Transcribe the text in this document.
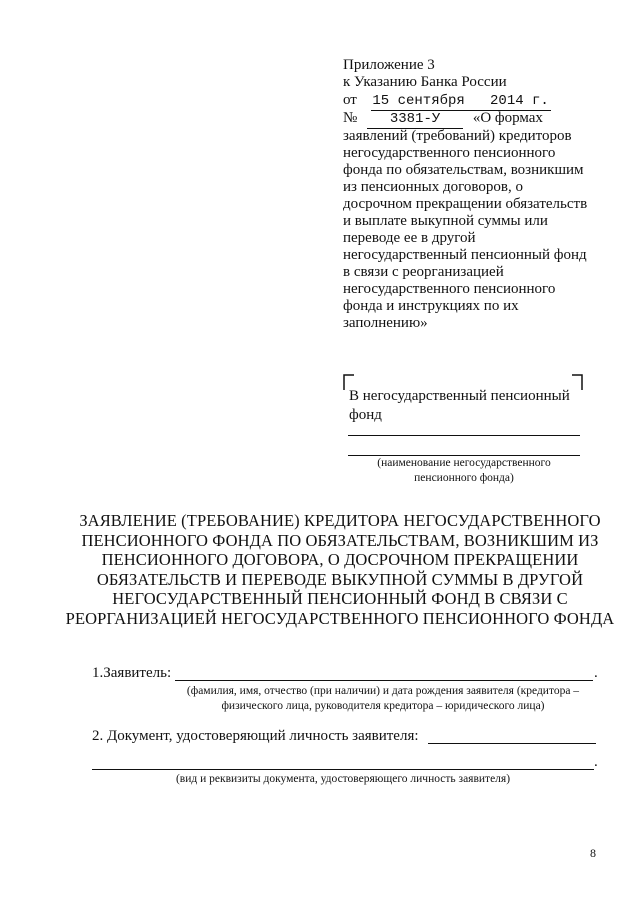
Приложение 3
к Указанию Банка России
от 15 сентября   2014 г.
№ 3381-У «О формах
заявлений (требований) кредиторов
негосударственного пенсионного
фонда по обязательствам, возникшим
из пенсионных договоров, о
досрочном прекращении обязательств
и выплате выкупной суммы или
переводе ее в другой
негосударственный пенсионный фонд
в связи с реорганизацией
негосударственного пенсионного
фонда и инструкциях по их
заполнению»
В негосударственный пенсионный
фонд
(наименование негосударственного
пенсионного фонда)
ЗАЯВЛЕНИЕ (ТРЕБОВАНИЕ) КРЕДИТОРА НЕГОСУДАРСТВЕННОГО
ПЕНСИОННОГО ФОНДА ПО ОБЯЗАТЕЛЬСТВАМ, ВОЗНИКШИМ ИЗ
ПЕНСИОННОГО ДОГОВОРА, О ДОСРОЧНОМ ПРЕКРАЩЕНИИ
ОБЯЗАТЕЛЬСТВ И ПЕРЕВОДЕ ВЫКУПНОЙ СУММЫ В ДРУГОЙ
НЕГОСУДАРСТВЕННЫЙ ПЕНСИОННЫЙ ФОНД В СВЯЗИ С
РЕОРГАНИЗАЦИЕЙ НЕГОСУДАРСТВЕННОГО ПЕНСИОННОГО ФОНДА
1.Заявитель:	.
(фамилия, имя, отчество (при наличии) и дата рождения заявителя (кредитора –
физического лица, руководителя кредитора – юридического лица)
2. Документ, удостоверяющий личность заявителя:
.
(вид и реквизиты документа, удостоверяющего личность заявителя)
8
